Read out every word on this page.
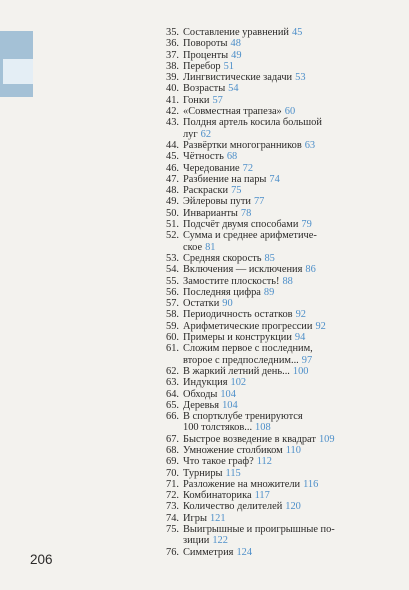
35. Составление уравнений 45
36. Повороты 48
37. Проценты 49
38. Перебор 51
39. Лингвистические задачи 53
40. Возрасты 54
41. Гонки 57
42. «Совместная трапеза» 60
43. Полдня артель косила большой
луг 62
44. Развёртки многогранников 63
45. Чётность 68
46. Чередование 72
47. Разбиение на пары 74
48. Раскраски 75
49. Эйлеровы пути 77
50. Инварианты 78
51. Подсчёт двумя способами 79
52. Сумма и среднее арифметиче-
ское 81
53. Средняя скорость 85
54. Включения — исключения 86
55. Замостите плоскость! 88
56. Последняя цифра 89
57. Остатки 90
58. Периодичность остатков 92
59. Арифметические прогрессии 92
60. Примеры и конструкции 94
61. Сложим первое с последним,
второе с предпоследним... 97
62. В жаркий летний день... 100
63. Индукция 102
64. Обходы 104
65. Деревья 104
66. В спортклубе тренируются
100 толстяков... 108
67. Быстрое возведение в квадрат 109
68. Умножение столбиком 110
69. Что такое граф? 112
70. Турниры 115
71. Разложение на множители 116
72. Комбинаторика 117
73. Количество делителей 120
74. Игры 121
75. Выигрышные и проигрышные по-
зиции 122
76. Симметрия 124
206
